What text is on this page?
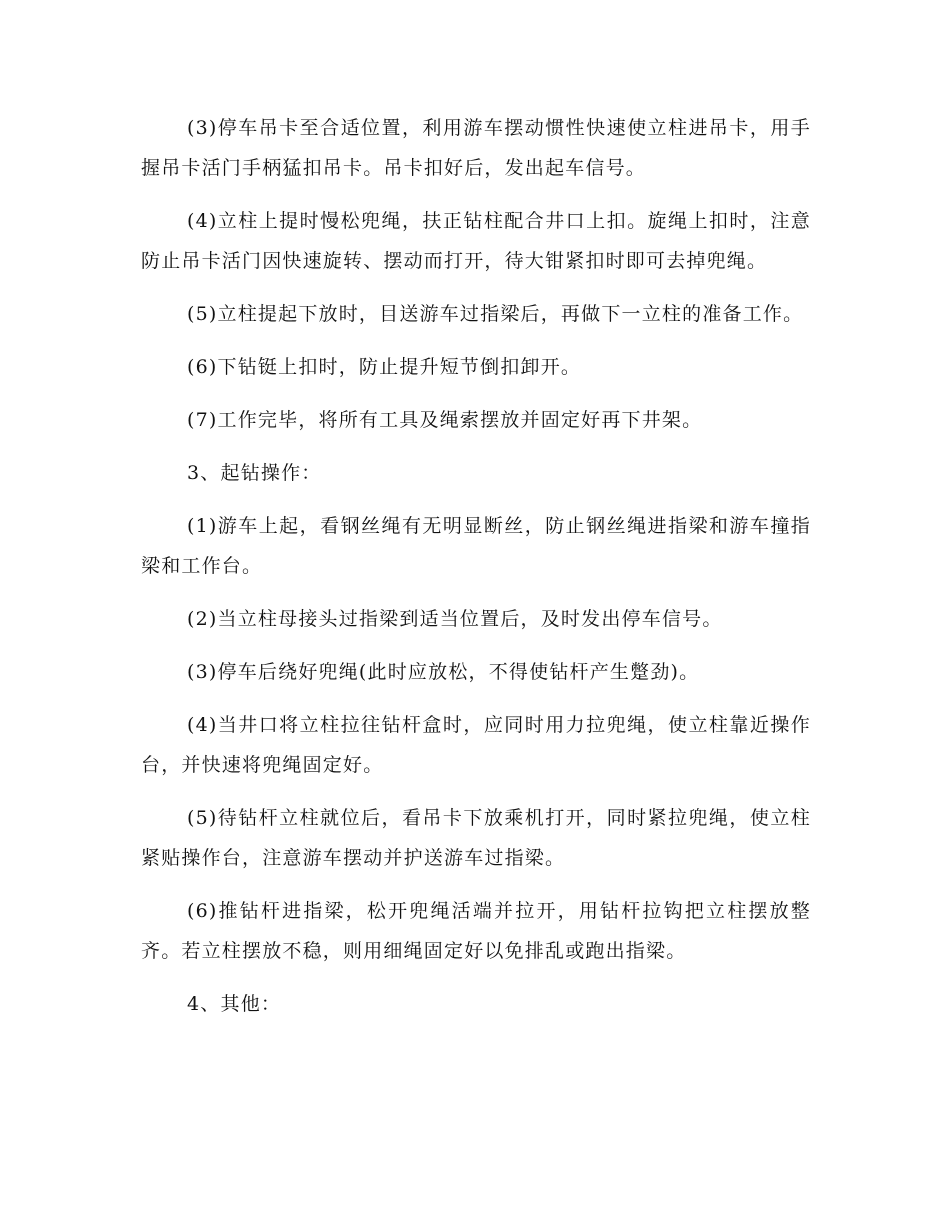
(3)停车吊卡至合适位置，利用游车摆动惯性快速使立柱进吊卡，用手握吊卡活门手柄猛扣吊卡。吊卡扣好后，发出起车信号。

(4)立柱上提时慢松兜绳，扶正钻柱配合井口上扣。旋绳上扣时，注意防止吊卡活门因快速旋转、摆动而打开，待大钳紧扣时即可去掉兜绳。

(5)立柱提起下放时，目送游车过指梁后，再做下一立柱的准备工作。

(6)下钻铤上扣时，防止提升短节倒扣卸开。

(7)工作完毕，将所有工具及绳索摆放并固定好再下井架。

3、起钻操作：

(1)游车上起，看钢丝绳有无明显断丝，防止钢丝绳进指梁和游车撞指梁和工作台。

(2)当立柱母接头过指梁到适当位置后，及时发出停车信号。

(3)停车后绕好兜绳(此时应放松，不得使钻杆产生蹩劲)。

(4)当井口将立柱拉往钻杆盒时，应同时用力拉兜绳，使立柱靠近操作台，并快速将兜绳固定好。

(5)待钻杆立柱就位后，看吊卡下放乘机打开，同时紧拉兜绳，使立柱紧贴操作台，注意游车摆动并护送游车过指梁。

(6)推钻杆进指梁，松开兜绳活端并拉开，用钻杆拉钩把立柱摆放整齐。若立柱摆放不稳，则用细绳固定好以免排乱或跑出指梁。

4、其他：
